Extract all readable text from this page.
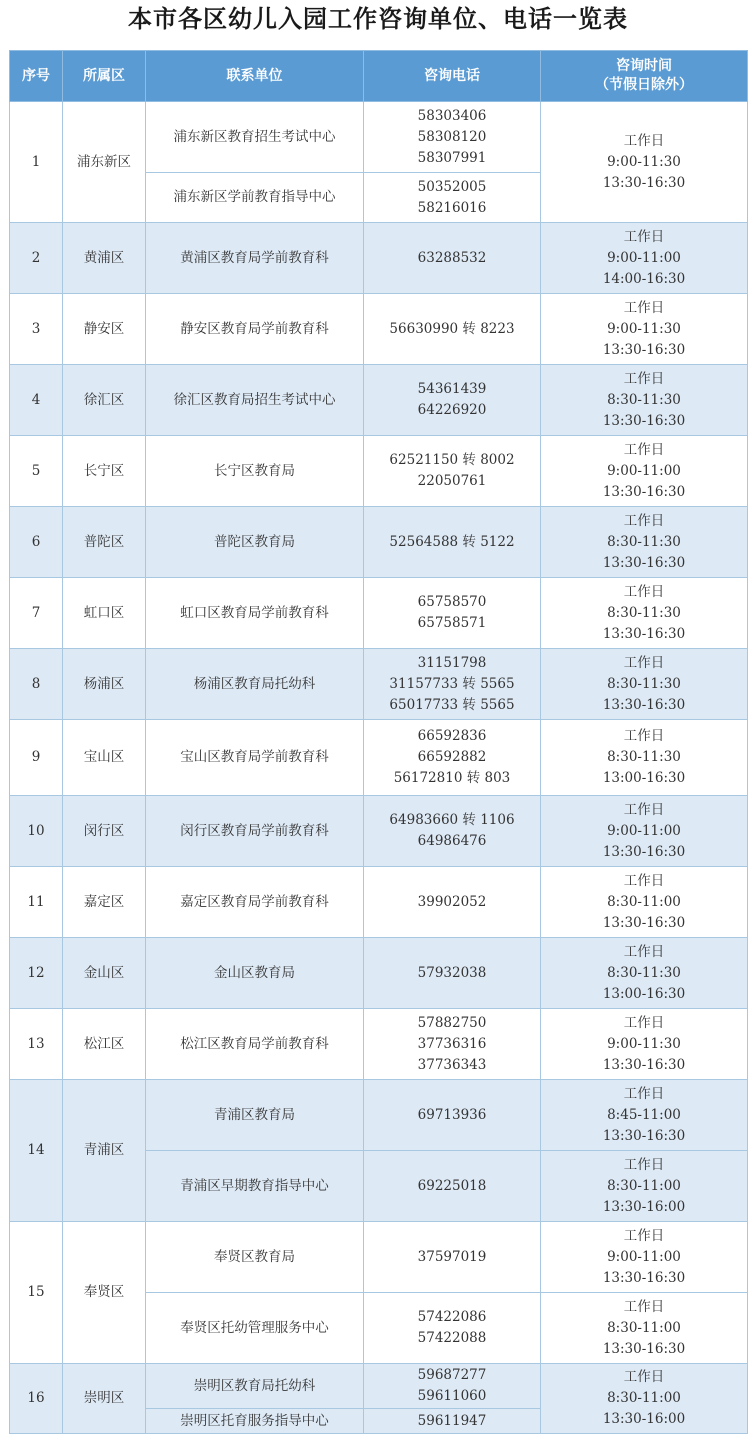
本市各区幼儿入园工作咨询单位、电话一览表
序号	所属区	联系单位	咨询电话	咨询时间
（节假日除外）

1	浦东新区	浦东新区教育招生考试中心	58303406
58308120
58307991	工作日
9:00-11:30
13:30-16:30

		浦东新区学前教育指导中心	50352005
58216016	

2	黄浦区	黄浦区教育局学前教育科	63288532	工作日
9:00-11:00
14:00-16:30

3	静安区	静安区教育局学前教育科	56630990 转 8223	工作日
9:00-11:30
13:30-16:30

4	徐汇区	徐汇区教育局招生考试中心	54361439
64226920	工作日
8:30-11:30
13:30-16:30

5	长宁区	长宁区教育局	62521150 转 8002
22050761	工作日
9:00-11:00
13:30-16:30

6	普陀区	普陀区教育局	52564588 转 5122	工作日
8:30-11:30
13:30-16:30

7	虹口区	虹口区教育局学前教育科	65758570
65758571	工作日
8:30-11:30
13:30-16:30

8	杨浦区	杨浦区教育局托幼科	31151798
31157733 转 5565
65017733 转 5565	工作日
8:30-11:30
13:30-16:30

9	宝山区	宝山区教育局学前教育科	66592836
66592882
56172810 转 803	工作日
8:30-11:30
13:00-16:30

10	闵行区	闵行区教育局学前教育科	64983660 转 1106
64986476	工作日
9:00-11:00
13:30-16:30

11	嘉定区	嘉定区教育局学前教育科	39902052	工作日
8:30-11:00
13:30-16:30

12	金山区	金山区教育局	57932038	工作日
8:30-11:30
13:00-16:30

13	松江区	松江区教育局学前教育科	57882750
37736316
37736343	工作日
9:00-11:30
13:30-16:30

14	青浦区	青浦区教育局	69713936	工作日
8:45-11:00
13:30-16:30

		青浦区早期教育指导中心	69225018	工作日
8:30-11:00
13:30-16:00

15	奉贤区	奉贤区教育局	37597019	工作日
9:00-11:00
13:30-16:30

		奉贤区托幼管理服务中心	57422086
57422088	工作日
8:30-11:00
13:30-16:30

16	崇明区	崇明区教育局托幼科	59687277
59611060	工作日
8:30-11:00
13:30-16:00

		崇明区托育服务指导中心	59611947	
